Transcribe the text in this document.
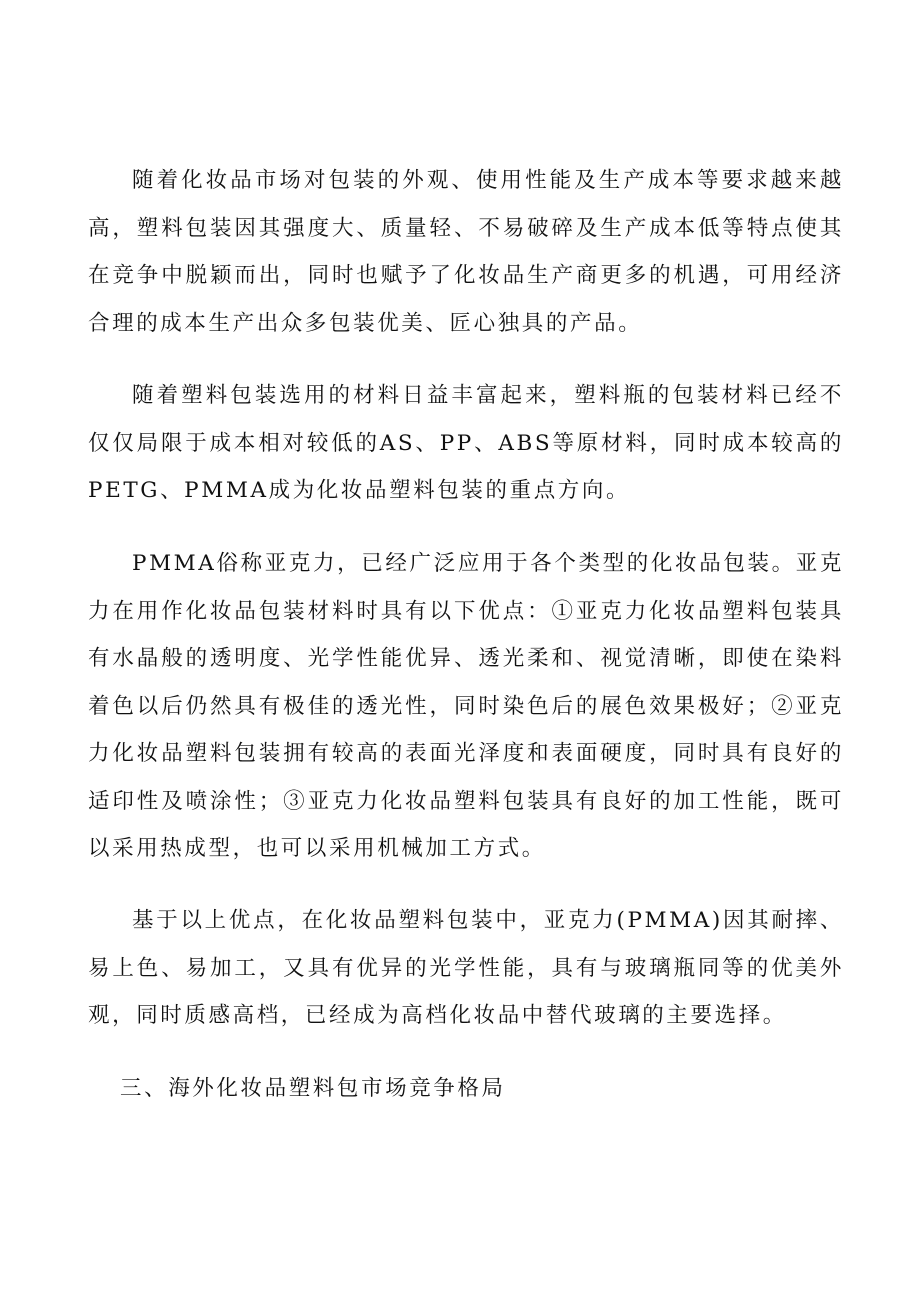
随着化妆品市场对包装的外观、使用性能及生产成本等要求越来越高，塑料包装因其强度大、质量轻、不易破碎及生产成本低等特点使其在竞争中脱颖而出，同时也赋予了化妆品生产商更多的机遇，可用经济合理的成本生产出众多包装优美、匠心独具的产品。

随着塑料包装选用的材料日益丰富起来，塑料瓶的包装材料已经不仅仅局限于成本相对较低的AS、PP、ABS等原材料，同时成本较高的PETG、PMMA成为化妆品塑料包装的重点方向。

PMMA俗称亚克力，已经广泛应用于各个类型的化妆品包装。亚克力在用作化妆品包装材料时具有以下优点：①亚克力化妆品塑料包装具有水晶般的透明度、光学性能优异、透光柔和、视觉清晰，即使在染料着色以后仍然具有极佳的透光性，同时染色后的展色效果极好；②亚克力化妆品塑料包装拥有较高的表面光泽度和表面硬度，同时具有良好的适印性及喷涂性；③亚克力化妆品塑料包装具有良好的加工性能，既可以采用热成型，也可以采用机械加工方式。

基于以上优点，在化妆品塑料包装中，亚克力(PMMA)因其耐摔、易上色、易加工，又具有优异的光学性能，具有与玻璃瓶同等的优美外观，同时质感高档，已经成为高档化妆品中替代玻璃的主要选择。

三、海外化妆品塑料包市场竞争格局
